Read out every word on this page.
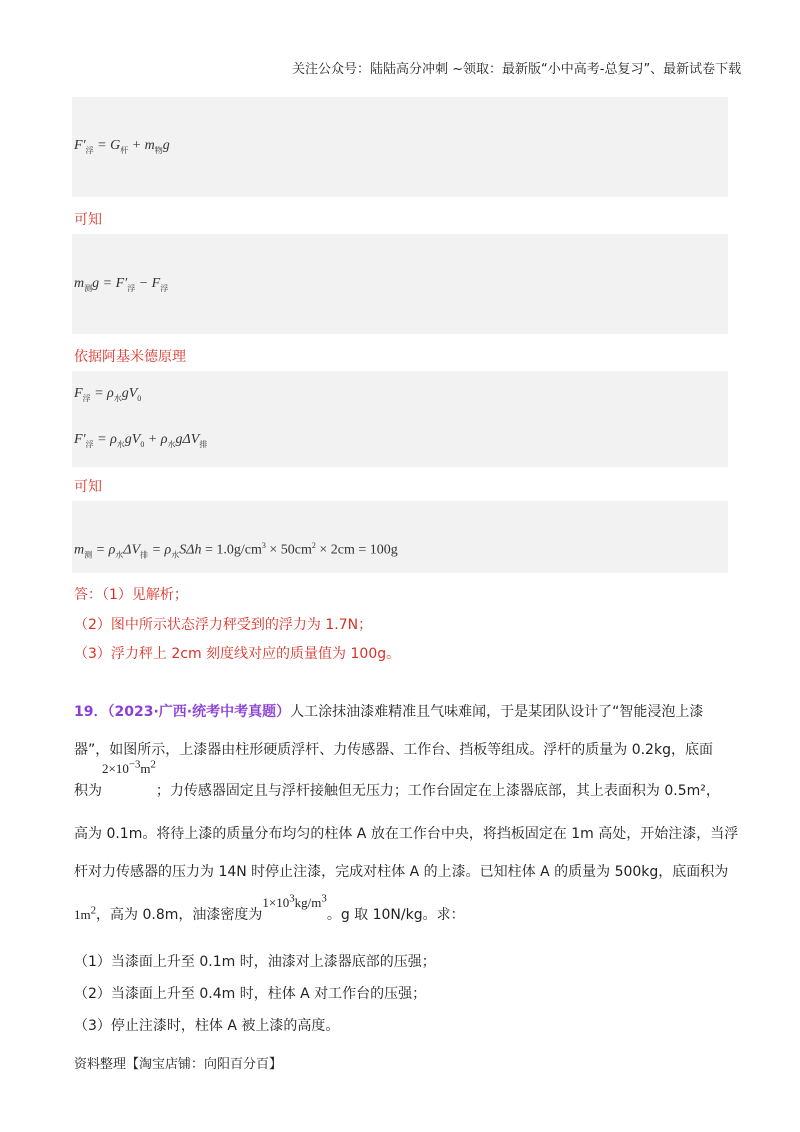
关注公众号：陆陆高分冲刺 ~领取：最新版“小中高考-总复习”、最新试卷下载
$F'_浮 = G_杆 + m_物g$
可知
$m_测g = F'_浮 - F_浮$
依据阿基米德原理
$F_浮 = \rho_水gV_0$
$F'_浮 = \rho_水gV_0 + \rho_水g\Delta V_排$
可知
$m_测 = \rho_水\Delta V_排 = \rho_水S\Delta h = 1.0g/cm^3 \times 50cm^2 \times 2cm = 100g$
答：（1）见解析；
（2）图中所示状态浮力秤受到的浮力为 1.7N；
（3）浮力秤上 2cm 刻度线对应的质量值为 100g。
19．（2023·广西·统考中考真题）人工涂抹油漆难精准且气味难闻，于是某团队设计了“智能浸泡上漆
器”，如图所示，上漆器由柱形硬质浮杆、力传感器、工作台、挡板等组成。浮杆的质量为 0.2kg，底面
积为$2\times 10^{-3}m^2$；力传感器固定且与浮杆接触但无压力；工作台固定在上漆器底部，其上表面积为 0.5m²，
高为 0.1m。将待上漆的质量分布均匀的柱体 A 放在工作台中央，将挡板固定在 1m 高处，开始注漆，当浮
杆对力传感器的压力为 14N 时停止注漆，完成对柱体 A 的上漆。已知柱体 A 的质量为 500kg，底面积为
$1m^2$，高为 0.8m，油漆密度为$1\times 10^3kg/m^3$。g 取 10N/kg。求：
（1）当漆面上升至 0.1m 时，油漆对上漆器底部的压强；
（2）当漆面上升至 0.4m 时，柱体 A 对工作台的压强；
（3）停止注漆时，柱体 A 被上漆的高度。
资料整理【淘宝店铺：向阳百分百】
